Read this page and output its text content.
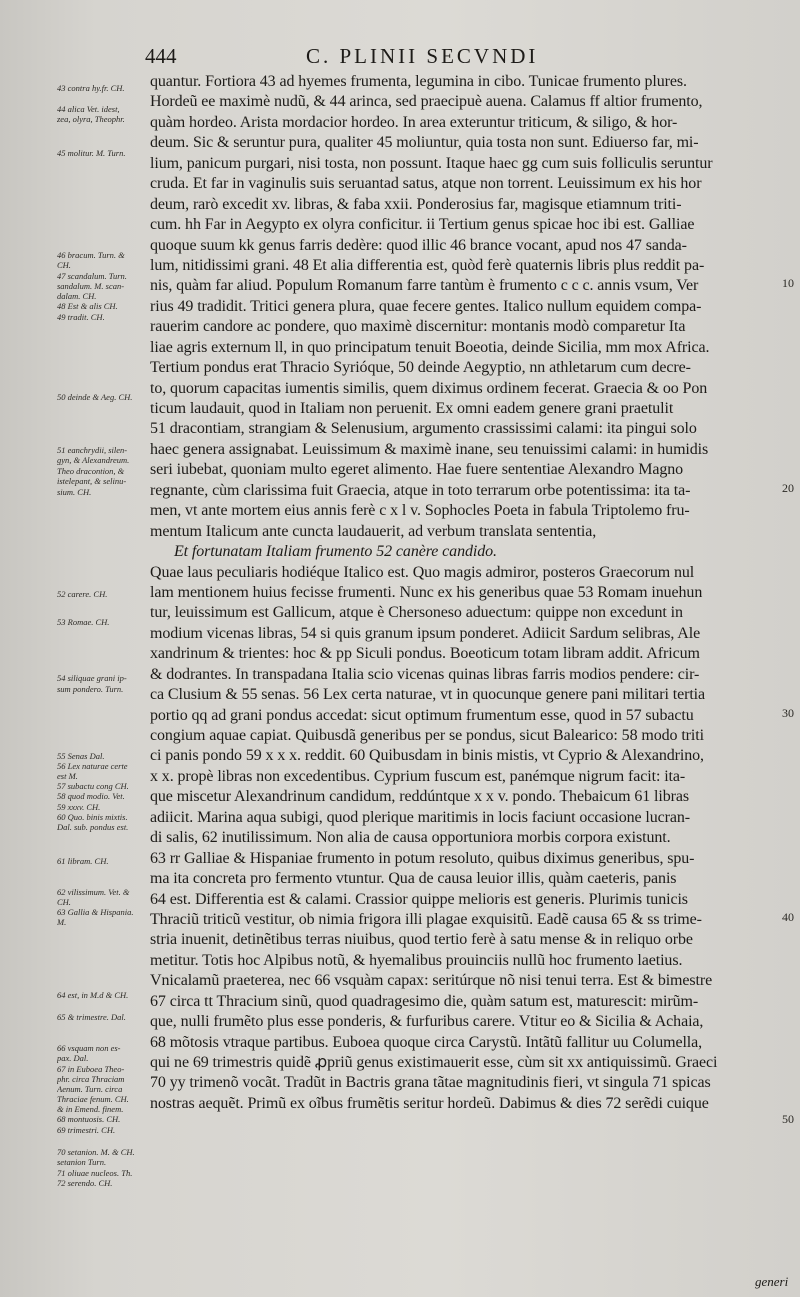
444	C. PLINII SECVNDI
43 contra hy.fr. CH.
44 alica Vet. idest,
zea, olyra, Theophr.
45 molitur. M. Turn.
46 bracum. Turn. &
CH.
47 scandalum. Turn.
sandalum. M. scan-
dalam. CH.
48 Est & alis CH.
49 tradit. CH.
50 deinde & Aeg. CH.
51 eanchrydii, silen-
gyn, & Alexandreum.
Theo dracontion, &
istelepant, & selinu-
sium. CH.
52 carere. CH.
53 Romae. CH.
54 siliquae grani ip-
sum pondero. Turn.
55 Senas Dal.
56 Lex naturae certe
est M.
57 subactu cong CH.
58 quod modio. Vet.
59 xxxv. CH.
60 Quo. binis mixtis.
Dal. sub. pondus est.
61 libram. CH.
62 vilissimum. Vet. &
CH.
63 Gallia & Hispania.
M.
64 est, in M.d & CH.
65 & trimestre. Dal.
66 vsquam non es-
pax. Dal.
67 in Euboea Theo-
phr. circa Thraciam
Aenum. Turn. circa
Thraciae fenum. CH.
& in Emend. finem.
68 montuosis. CH.
69 trimestri. CH.
70 setanion. M. & CH.
setanion Turn.
71 oliuae nucleos. Th.
72 serendo. CH.
quantur. Fortiora 43 ad hyemes frumenta, legumina in cibo. Tunicae frumento plures.
Hordeũ ee maximè nudũ, & 44 arinca, sed praecipuè auena. Calamus ff altior frumento,
quàm hordeo. Arista mordacior hordeo. In area exteruntur triticum, & siligo, & hor-
deum. Sic & seruntur pura, qualiter 45 moliuntur, quia tosta non sunt. Ediuerso far, mi-
lium, panicum purgari, nisi tosta, non possunt. Itaque haec gg cum suis folliculis seruntur
cruda. Et far in vaginulis suis seruantad satus, atque non torrent. Leuissimum ex his hor
deum, rarò excedit xv. libras, & faba xxii. Ponderosius far, magisque etiamnum triti-
cum. hh Far in Aegypto ex olyra conficitur. ii Tertium genus spicae hoc ibi est. Galliae
quoque suum kk genus farris dedère: quod illic 46 brance vocant, apud nos 47 sanda-
lum, nitidissimi grani. 48 Et alia differentia est, quòd ferè quaternis libris plus reddit pa-
nis, quàm far aliud. Populum Romanum farre tantùm è frumento c c c. annis vsum, Ver
rius 49 tradidit. Tritici genera plura, quae fecere gentes. Italico nullum equidem compa-
rauerim candore ac pondere, quo maximè discernitur: montanis modò comparetur Ita
liae agris externum ll, in quo principatum tenuit Boeotia, deinde Sicilia, mm mox Africa.
Tertium pondus erat Thracio Syrióque, 50 deinde Aegyptio, nn athletarum cum decre-
to, quorum capacitas iumentis similis, quem diximus ordinem fecerat. Graecia & oo Pon
ticum laudauit, quod in Italiam non peruenit. Ex omni eadem genere grani praetulit
51 dracontiam, strangiam & Selenusium, argumento crassissimi calami: ita pingui solo
haec genera assignabat. Leuissimum & maximè inane, seu tenuissimi calami: in humidis
seri iubebat, quoniam multo egeret alimento. Hae fuere sententiae Alexandro Magno
regnante, cùm clarissima fuit Graecia, atque in toto terrarum orbe potentissima: ita ta-
men, vt ante mortem eius annis ferè c x l v. Sophocles Poeta in fabula Triptolemo fru-
mentum Italicum ante cuncta laudauerit, ad verbum translata sententia,
Et fortunatam Italiam frumento 52 canère candido.
Quae laus peculiaris hodiéque Italico est. Quo magis admiror, posteros Graecorum nul
lam mentionem huius fecisse frumenti. Nunc ex his generibus quae 53 Romam inuehun
tur, leuissimum est Gallicum, atque è Chersoneso aduectum: quippe non excedunt in
modium vicenas libras, 54 si quis granum ipsum ponderet. Adiicit Sardum selibras, Ale
xandrinum & trientes: hoc & pp Siculi pondus. Boeoticum totam libram addit. Africum
& dodrantes. In transpadana Italia scio vicenas quinas libras farris modios pendere: cir-
ca Clusium & 55 senas. 56 Lex certa naturae, vt in quocunque genere pani militari tertia
portio qq ad grani pondus accedat: sicut optimum frumentum esse, quod in 57 subactu
congium aquae capiat. Quibusdã generibus per se pondus, sicut Balearico: 58 modo triti
ci panis pondo 59 x x x. reddit. 60 Quibusdam in binis mistis, vt Cyprio & Alexandrino,
x x. propè libras non excedentibus. Cyprium fuscum est, panémque nigrum facit: ita-
que miscetur Alexandrinum candidum, reddúntque x x v. pondo. Thebaicum 61 libras
adiicit. Marina aqua subigi, quod plerique maritimis in locis faciunt occasione lucran-
di salis, 62 inutilissimum. Non alia de causa opportuniora morbis corpora existunt.
63 rr Galliae & Hispaniae frumento in potum resoluto, quibus diximus generibus, spu-
ma ita concreta pro fermento vtuntur. Qua de causa leuior illis, quàm caeteris, panis
64 est. Differentia est & calami. Crassior quippe melioris est generis. Plurimis tunicis
Thraciũ triticũ vestitur, ob nimia frigora illi plagae exquisitũ. Eadẽ causa 65 & ss trime-
stria inuenit, detinẽtibus terras niuibus, quod tertio ferè à satu mense & in reliquo orbe
metitur. Totis hoc Alpibus notũ, & hyemalibus prouinciis nullũ hoc frumento laetius.
Vnicalamũ praeterea, nec 66 vsquàm capax: seritúrque nõ nisi tenui terra. Est & bimestre
67 circa tt Thracium sinũ, quod quadragesimo die, quàm satum est, maturescit: mirũm-
que, nulli frumẽto plus esse ponderis, & furfuribus carere. Vtitur eo & Sicilia & Achaia,
68 mõtosis vtraque partibus. Euboea quoque circa Carystũ. Intãtũ fallitur uu Columella,
qui ne 69 trimestris quidẽ ꝓpriũ genus existimauerit esse, cùm sit xx antiquissimũ. Graeci
70 yy trimenõ vocãt. Tradũt in Bactris grana tãtae magnitudinis fieri, vt singula 71 spicas
nostras aequẽt. Primũ ex oĩbus frumẽtis seritur hordeũ. Dabimus & dies 72 serẽdi cuique
10
20
30
40
50
generi
